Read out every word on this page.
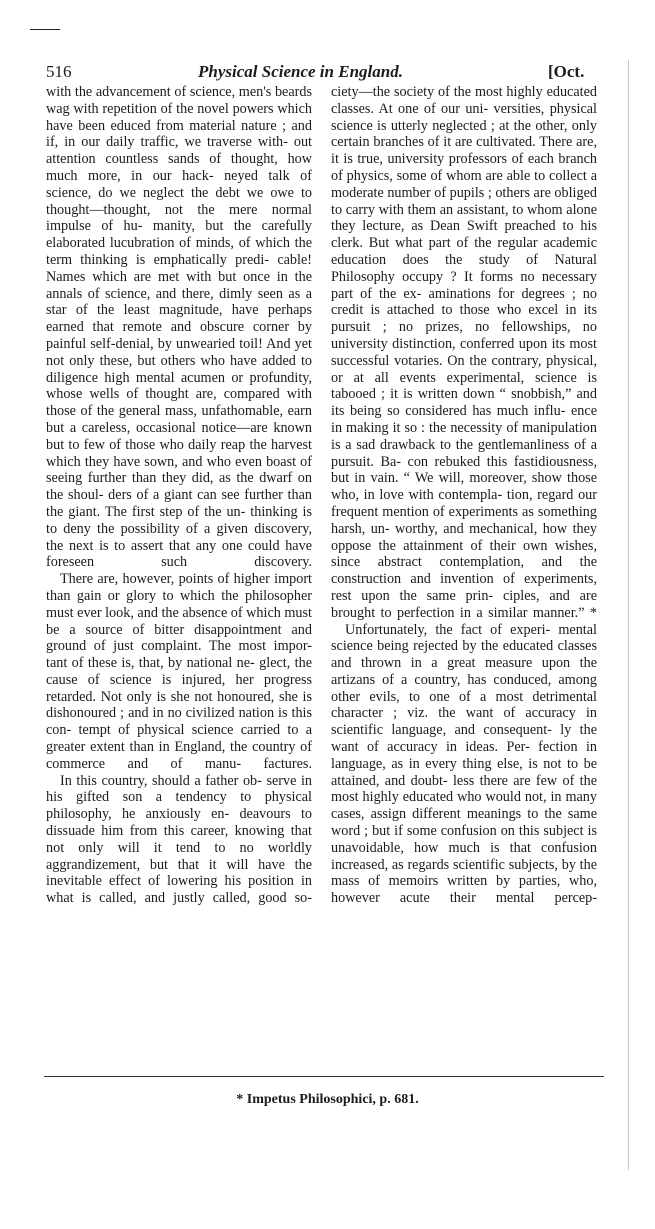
516	Physical Science in England.	[Oct.

with the advancement of science, men's beards wag with repetition of the novel powers which have been educed from material nature ; and if, in our daily traffic, we traverse with- out attention countless sands of thought, how much more, in our hack- neyed talk of science, do we neglect the debt we owe to thought—thought, not the mere normal impulse of hu- manity, but the carefully elaborated lucubration of minds, of which the term thinking is emphatically predi- cable! Names which are met with but once in the annals of science, and there, dimly seen as a star of the least magnitude, have perhaps earned that remote and obscure corner by painful self-denial, by unwearied toil! And yet not only these, but others who have added to diligence high mental acumen or profundity, whose wells of thought are, compared with those of the general mass, unfathomable, earn but a careless, occasional notice—are known but to few of those who daily reap the harvest which they have sown, and who even boast of seeing further than they did, as the dwarf on the shoul- ders of a giant can see further than the giant. The first step of the un- thinking is to deny the possibility of a given discovery, the next is to assert that any one could have foreseen such discovery.

There are, however, points of higher import than gain or glory to which the philosopher must ever look, and the absence of which must be a source of bitter disappointment and ground of just complaint. The most impor- tant of these is, that, by national ne- glect, the cause of science is injured, her progress retarded. Not only is she not honoured, she is dishonoured ; and in no civilized nation is this con- tempt of physical science carried to a greater extent than in England, the country of commerce and of manu- factures.

In this country, should a father ob- serve in his gifted son a tendency to physical philosophy, he anxiously en- deavours to dissuade him from this career, knowing that not only will it tend to no worldly aggrandizement, but that it will have the inevitable effect of lowering his position in what is called, and justly called, good so-

ciety—the society of the most highly educated classes. At one of our uni- versities, physical science is utterly neglected ; at the other, only certain branches of it are cultivated. There are, it is true, university professors of each branch of physics, some of whom are able to collect a moderate number of pupils ; others are obliged to carry with them an assistant, to whom alone they lecture, as Dean Swift preached to his clerk. But what part of the regular academic education does the study of Natural Philosophy occupy ? It forms no necessary part of the ex- aminations for degrees ; no credit is attached to those who excel in its pursuit ; no prizes, no fellowships, no university distinction, conferred upon its most successful votaries. On the contrary, physical, or at all events experimental, science is tabooed ; it is written down “ snobbish,” and its being so considered has much influ- ence in making it so : the necessity of manipulation is a sad drawback to the gentlemanliness of a pursuit. Ba- con rebuked this fastidiousness, but in vain. “ We will, moreover, show those who, in love with contempla- tion, regard our frequent mention of experiments as something harsh, un- worthy, and mechanical, how they oppose the attainment of their own wishes, since abstract contemplation, and the construction and invention of experiments, rest upon the same prin- ciples, and are brought to perfection in a similar manner.” *

Unfortunately, the fact of experi- mental science being rejected by the educated classes and thrown in a great measure upon the artizans of a country, has conduced, among other evils, to one of a most detrimental character ; viz. the want of accuracy in scientific language, and consequent- ly the want of accuracy in ideas. Per- fection in language, as in every thing else, is not to be attained, and doubt- less there are few of the most highly educated who would not, in many cases, assign different meanings to the same word ; but if some confusion on this subject is unavoidable, how much is that confusion increased, as regards scientific subjects, by the mass of memoirs written by parties, who, however acute their mental percep-

* Impetus Philosophici, p. 681.
